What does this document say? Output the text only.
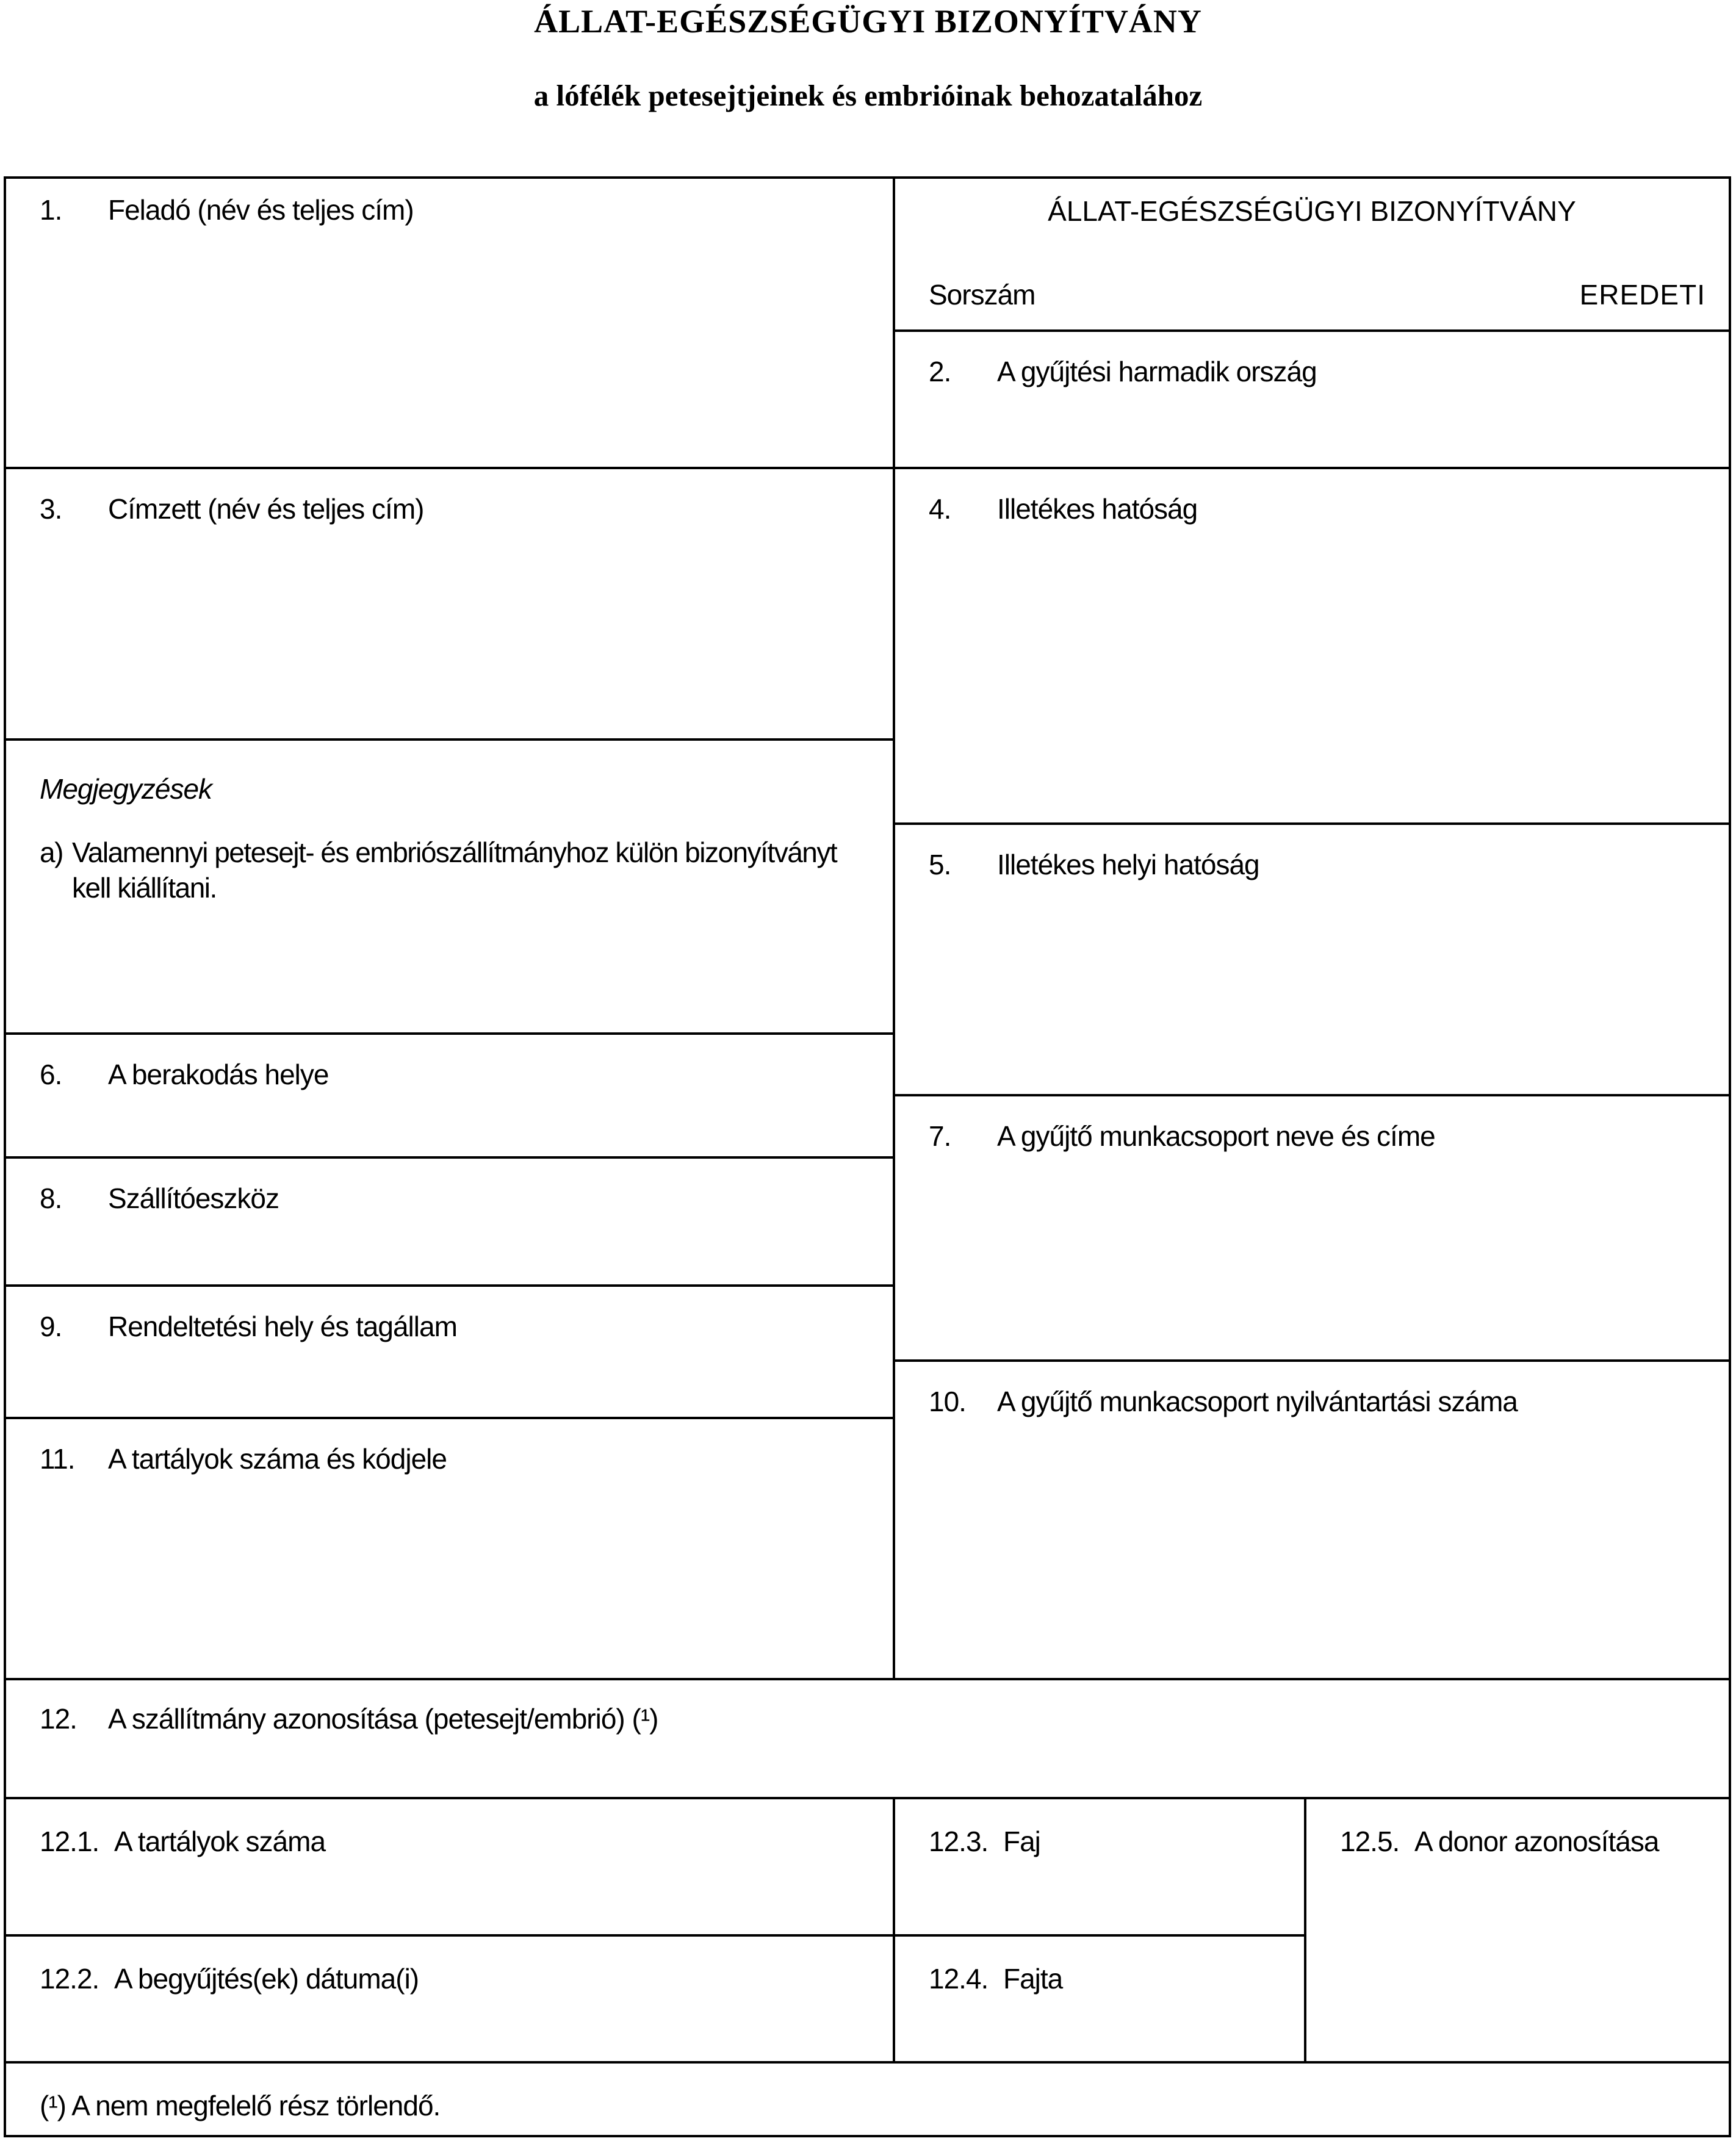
ÁLLAT-EGÉSZSÉGÜGYI BIZONYÍTVÁNY
a lófélék petesejtjeinek és embrióinak behozatalához
1.	Feladó (név és teljes cím)
3.	Címzett (név és teljes cím)
Megjegyzések
a) Valamennyi petesejt- és embriószállítmányhoz külön bizonyítványt kell kiállítani.
6.	A berakodás helye
8.	Szállítóeszköz
9.	Rendeltetési hely és tagállam
11.	A tartályok száma és kódjele
ÁLLAT-EGÉSZSÉGÜGYI BIZONYÍTVÁNY
Sorszám	EREDETI
2.	A gyűjtési harmadik ország
4.	Illetékes hatóság
5.	Illetékes helyi hatóság
7.	A gyűjtő munkacsoport neve és címe
10.	A gyűjtő munkacsoport nyilvántartási száma
12.	A szállítmány azonosítása (petesejt/embrió) (¹)
12.1. A tartályok száma
12.2. A begyűjtés(ek) dátuma(i)
12.3. Faj
12.4. Fajta
12.5. A donor azonosítása
(¹) A nem megfelelő rész törlendő.
